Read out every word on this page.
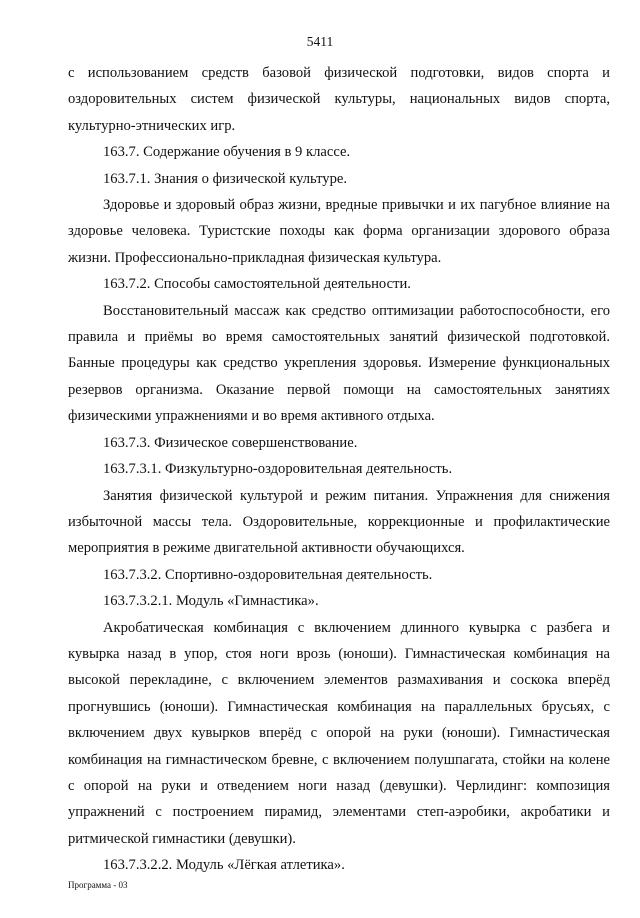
5411

с использованием средств базовой физической подготовки, видов спорта и оздоровительных систем физической культуры, национальных видов спорта, культурно-этнических игр.

163.7. Содержание обучения в 9 классе.

163.7.1. Знания о физической культуре.

Здоровье и здоровый образ жизни, вредные привычки и их пагубное влияние на здоровье человека. Туристские походы как форма организации здорового образа жизни. Профессионально-прикладная физическая культура.

163.7.2. Способы самостоятельной деятельности.

Восстановительный массаж как средство оптимизации работоспособности, его правила и приёмы во время самостоятельных занятий физической подготовкой. Банные процедуры как средство укрепления здоровья. Измерение функциональных резервов организма. Оказание первой помощи на самостоятельных занятиях физическими упражнениями и во время активного отдыха.

163.7.3. Физическое совершенствование.

163.7.3.1. Физкультурно-оздоровительная деятельность.

Занятия физической культурой и режим питания. Упражнения для снижения избыточной массы тела. Оздоровительные, коррекционные и профилактические мероприятия в режиме двигательной активности обучающихся.

163.7.3.2. Спортивно-оздоровительная деятельность.

163.7.3.2.1. Модуль «Гимнастика».

Акробатическая комбинация с включением длинного кувырка с разбега и кувырка назад в упор, стоя ноги врозь (юноши). Гимнастическая комбинация на высокой перекладине, с включением элементов размахивания и соскока вперёд прогнувшись (юноши). Гимнастическая комбинация на параллельных брусьях, с включением двух кувырков вперёд с опорой на руки (юноши). Гимнастическая комбинация на гимнастическом бревне, с включением полушпагата, стойки на колене с опорой на руки и отведением ноги назад (девушки). Черлидинг: композиция упражнений с построением пирамид, элементами степ-аэробики, акробатики и ритмической гимнастики (девушки).

163.7.3.2.2. Модуль «Лёгкая атлетика».

Программа - 03
